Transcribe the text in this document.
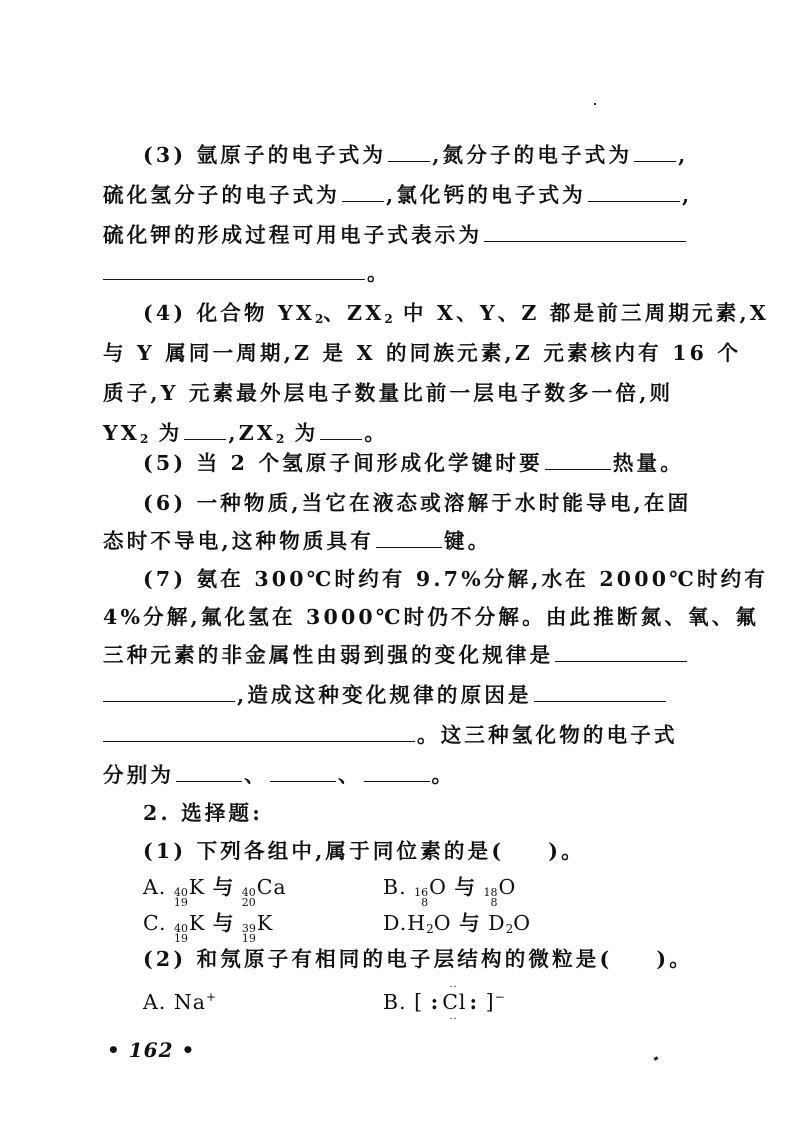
(3) 氩原子的电子式为 ,氮分子的电子式为 ,
硫化氢分子的电子式为 ,氯化钙的电子式为	,
硫化钾的形成过程可用电子式表示为
。
(4) 化合物 $YX_2$、$ZX_2$ 中 X、Y、Z 都是前三周期元素,X
与 Y 属同一周期,Z 是 X 的同族元素,Z 元素核内有 16 个
质子,Y 元素最外层电子数量比前一层电子数多一倍,则
$YX_2$ 为 $,ZX_2$ 为 。
(5) 当 2 个氢原子间形成化学键时要	热量。
(6) 一种物质,当它在液态或溶解于水时能导电,在固
态时不导电,这种物质具有	键。
(7) 氨在 300℃时约有 9.7%分解,水在 2000℃时约有
4%分解,氟化氢在 3000℃时仍不分解。由此推断氮、氧、氟
三种元素的非金属性由弱到强的变化规律是
,造成这种变化规律的原因是
。这三种氢化物的电子式
分别为	、	、	。
2. 选择题:
(1) 下列各组中,属于同位素的是( )。
A. 40
19
K 与 40
20
Ca	B. 16
8
O 与 18
8
O
C. 40
19
K 与 39
19
K	$D.H_2O$ 与 $D_2O$
(2) 和氖原子有相同的电子层结构的微粒是( )。
A. Na+	B. [ :
··
Cl
··
: ]−
• 162 •
